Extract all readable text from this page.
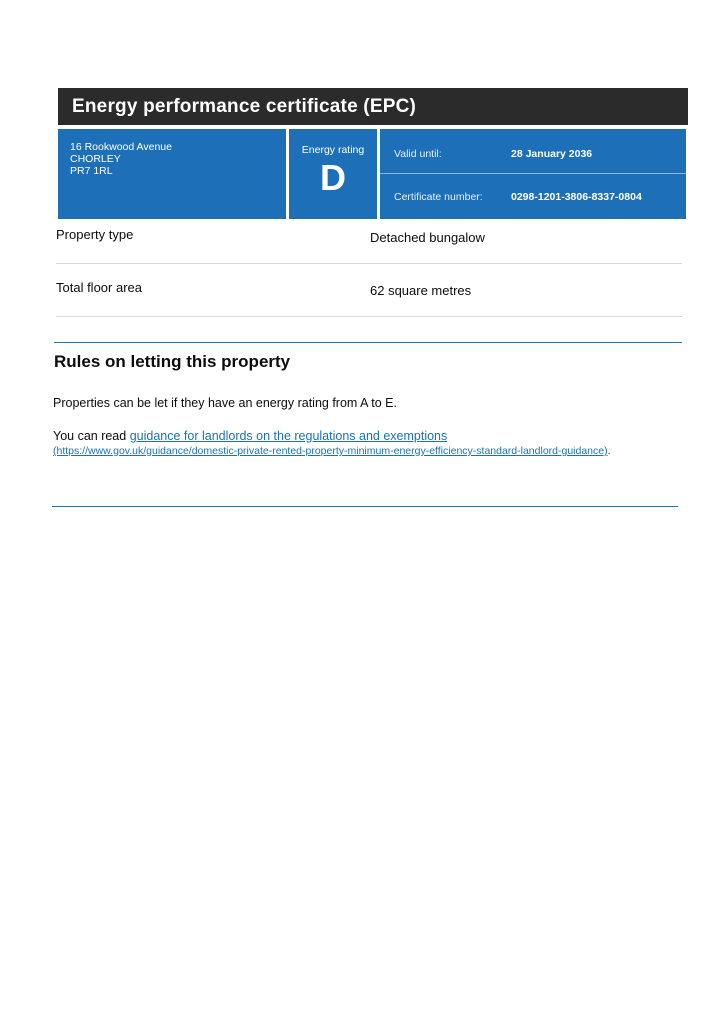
Energy performance certificate (EPC)
16 Rookwood Avenue
CHORLEY
PR7 1RL
Energy rating
D
Valid until:	28 January 2036
Certificate number:	0298-1201-3806-8337-0804
Property type	Detached bungalow
Total floor area	62 square metres
Rules on letting this property
Properties can be let if they have an energy rating from A to E.
You can read guidance for landlords on the regulations and exemptions
(https://www.gov.uk/guidance/domestic-private-rented-property-minimum-energy-efficiency-standard-landlord-guidance).
